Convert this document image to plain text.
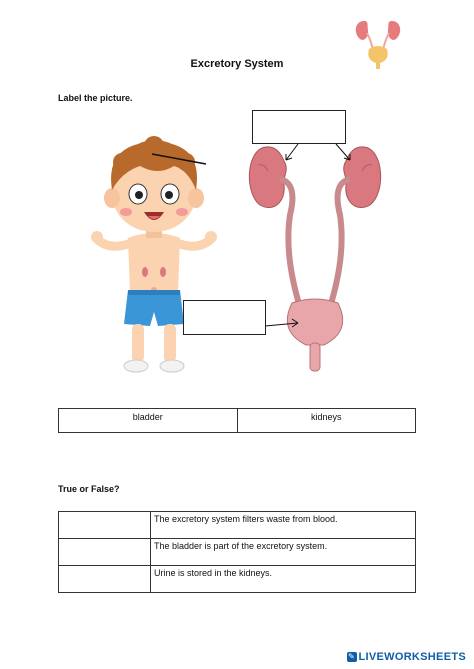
Excretory System
Label the picture.
bladder	kidneys
True or False?
	The excretory system filters waste from blood.
	The bladder is part of the excretory system.
	Urine is stored in the kidneys.
✎ LIVEWORKSHEETS
